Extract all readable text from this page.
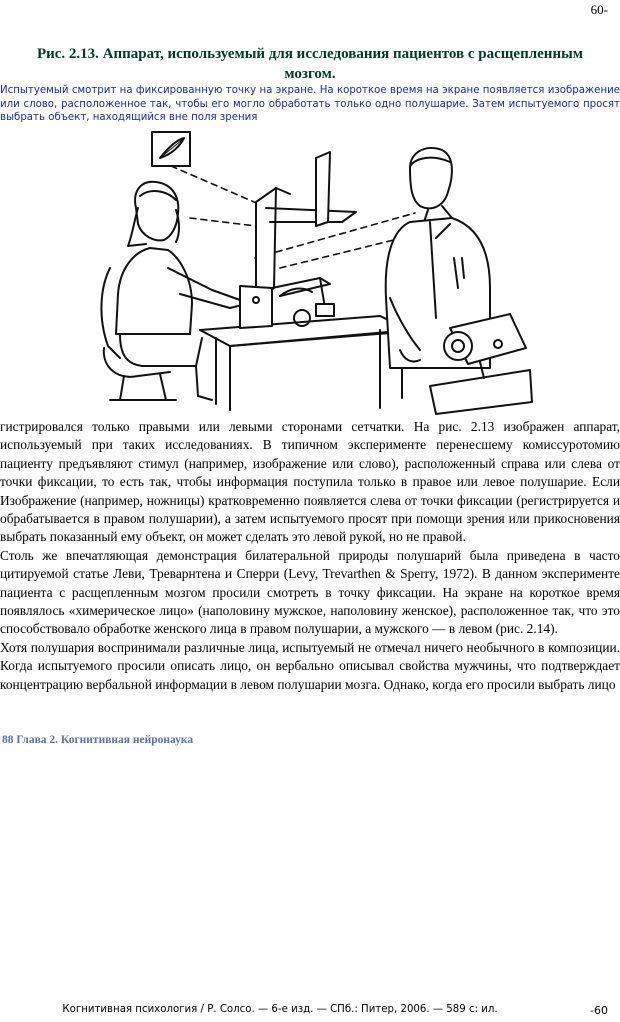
60-
Рис. 2.13. Аппарат, используемый для исследования пациентов с расщепленным мозгом.
Испытуемый смотрит на фиксированную точку на экране. На короткое время на экране появляется изображение или слово, расположенное так, чтобы его могло обработать только одно полушарие. Затем испытуемого просят выбрать объект, находящийся вне поля зрения

гистрировался только правыми или левыми сторонами сетчатки. На рис. 2.13 изображен аппарат, используемый при таких исследованиях. В типичном эксперименте перенесшему комиссуротомию пациенту предъявляют стимул (например, изображение или слово), расположенный справа или слева от точки фиксации, то есть так, чтобы информация поступила только в правое или левое полушарие. Если Изображение (например, ножницы) кратковременно появляется слева от точки фиксации (регистрируется и обрабатывается в правом полушарии), а затем испытуемого просят при помощи зрения или прикосновения выбрать показанный ему объект, он может сделать это левой рукой, но не правой.

Столь же впечатляющая демонстрация билатеральной природы полушарий была приведена в часто цитируемой статье Леви, Треварнтена и Сперри (Levy, Trevarthen & Sperry, 1972). В данном эксперименте пациента с расщепленным мозгом просили смотреть в точку фиксации. На экране на короткое время появлялось «химерическое лицо» (наполовину мужское, наполовину женское), расположенное так, что это способствовало обработке женского лица в правом полушарии, а мужского — в левом (рис. 2.14).

Хотя полушария воспринимали различные лица, испытуемый не отмечал ничего необычного в композиции. Когда испытуемого просили описать лицо, он вербально описывал свойства мужчины, что подтверждает концентрацию вербальной информации в левом полушарии мозга. Однако, когда его просили выбрать лицо

88 Глава 2. Когнитивная нейронаука
Когнитивная психология / Р. Солсо. — 6-е изд. — СПб.: Питер, 2006. — 589 с: ил.	-60
